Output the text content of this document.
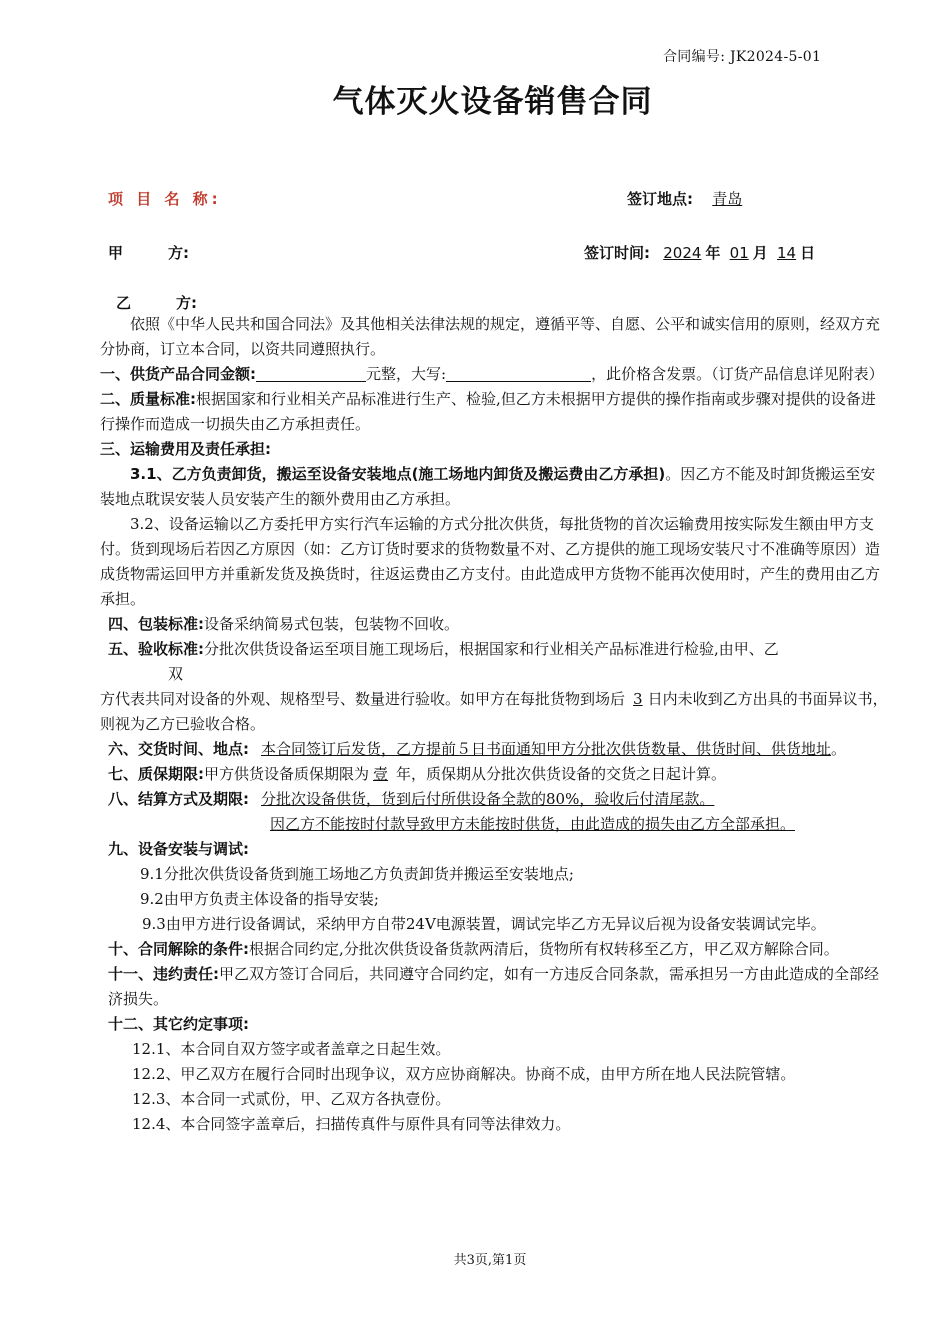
合同编号: JK2024-5-01
气体灭火设备销售合同
项 目 名 称:	签订地点: 青岛
甲　　　方:	签订时间: 2024 年 01 月 14 日
乙　　　方:

依照《中华人民共和国合同法》及其他相关法律法规的规定，遵循平等、自愿、公平和诚实信用的原则，经双方充分协商，订立本合同，以资共同遵照执行。

一、供货产品合同金额:	元整，大写:	，此价格含发票。（订货产品信息详见附表）

二、质量标准:根据国家和行业相关产品标准进行生产、检验,但乙方未根据甲方提供的操作指南或步骤对提供的设备进行操作而造成一切损失由乙方承担责任。

三、运输费用及责任承担:

3.1、乙方负责卸货，搬运至设备安装地点(施工场地内卸货及搬运费由乙方承担)。因乙方不能及时卸货搬运至安装地点耽误安装人员安装产生的额外费用由乙方承担。

3.2、设备运输以乙方委托甲方实行汽车运输的方式分批次供货，每批货物的首次运输费用按实际发生额由甲方支付。货到现场后若因乙方原因（如：乙方订货时要求的货物数量不对、乙方提供的施工现场安装尺寸不准确等原因）造成货物需运回甲方并重新发货及换货时，往返运费由乙方支付。由此造成甲方货物不能再次使用时，产生的费用由乙方承担。

四、包装标准:设备采纳简易式包装，包装物不回收。

五、验收标准:分批次供货设备运至项目施工现场后，根据国家和行业相关产品标准进行检验,由甲、乙

双

方代表共同对设备的外观、规格型号、数量进行验收。如甲方在每批货物到场后 3 日内未收到乙方出具的书面异议书，则视为乙方已验收合格。

六、交货时间、地点: 本合同签订后发货，乙方提前５日书面通知甲方分批次供货数量、供货时间、供货地址。

七、质保期限:甲方供货设备质保期限为 壹 年，质保期从分批次供货设备的交货之日起计算。

八、结算方式及期限: 分批次设备供货，货到后付所供设备全款的80%，验收后付清尾款。

因乙方不能按时付款导致甲方未能按时供货，由此造成的损失由乙方全部承担。

九、设备安装与调试:

9.1分批次供货设备货到施工场地乙方负责卸货并搬运至安装地点;

9.2由甲方负责主体设备的指导安装;

9.3由甲方进行设备调试，采纳甲方自带24V电源装置，调试完毕乙方无异议后视为设备安装调试完毕。

十、合同解除的条件:根据合同约定,分批次供货设备货款两清后，货物所有权转移至乙方，甲乙双方解除合同。

十一、违约责任:甲乙双方签订合同后，共同遵守合同约定，如有一方违反合同条款，需承担另一方由此造成的全部经济损失。

十二、其它约定事项:

12.1、本合同自双方签字或者盖章之日起生效。

12.2、甲乙双方在履行合同时出现争议，双方应协商解决。协商不成，由甲方所在地人民法院管辖。

12.3、本合同一式贰份，甲、乙双方各执壹份。

12.4、本合同签字盖章后，扫描传真件与原件具有同等法律效力。

共3页,第1页
